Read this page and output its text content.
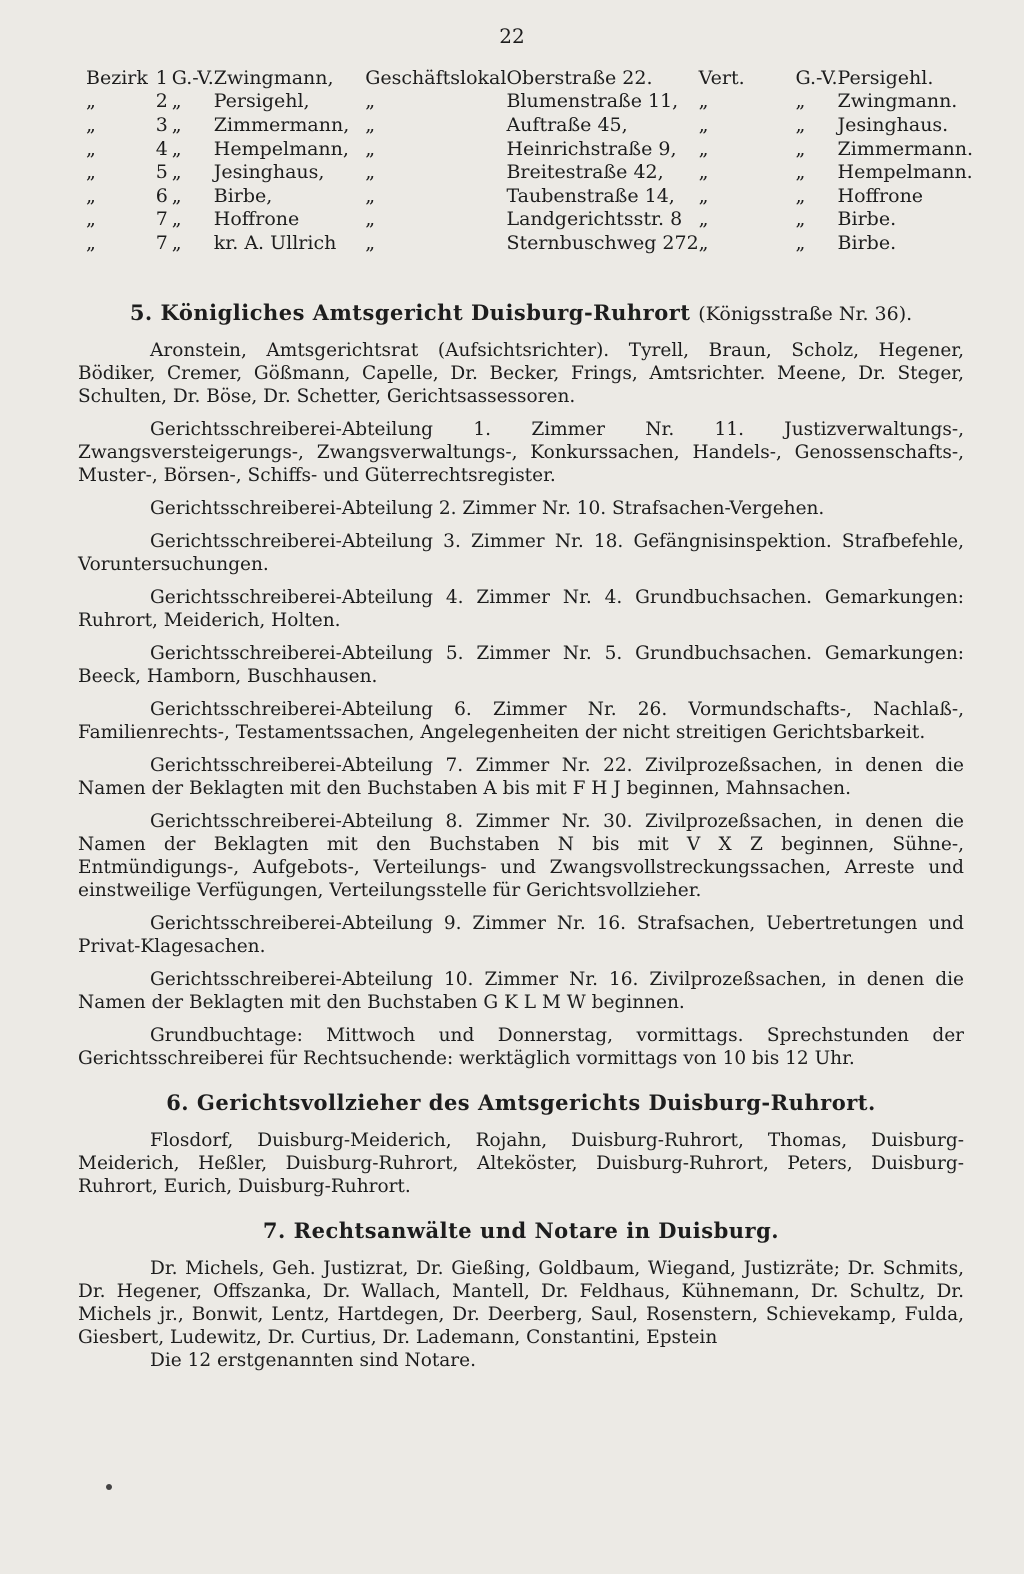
22
Bezirk	1	G.-V.	Zwingmann,	Geschäftslokal	Oberstraße 22.	Vert.	G.-V.	Persigehl.
„	2	„	Persigehl,	„	Blumenstraße 11,	„	„	Zwingmann.
„	3	„	Zimmermann,	„	Auftraße 45,	„	„	Jesinghaus.
„	4	„	Hempelmann,	„	Heinrichstraße 9,	„	„	Zimmermann.
„	5	„	Jesinghaus,	„	Breitestraße 42,	„	„	Hempelmann.
„	6	„	Birbe,	„	Taubenstraße 14,	„	„	Hoffrone
„	7	„	Hoffrone	„	Landgerichtsstr. 8	„	„	Birbe.
„	7	„	kr. A. Ullrich	„	Sternbuschweg 272	„	„	Birbe.
5. Königliches Amtsgericht Duisburg-Ruhrort (Königsstraße Nr. 36).

Aronstein, Amtsgerichtsrat (Aufsichtsrichter). Tyrell, Braun, Scholz, Hegener, Bödiker, Cremer, Gößmann, Capelle, Dr. Becker, Frings, Amtsrichter. Meene, Dr. Steger, Schulten, Dr. Böse, Dr. Schetter, Gerichtsassessoren.

Gerichtsschreiberei-Abteilung 1. Zimmer Nr. 11. Justizverwaltungs-, Zwangsversteigerungs-, Zwangsverwaltungs-, Konkurssachen, Handels-, Genossenschafts-, Muster-, Börsen-, Schiffs- und Güterrechtsregister.

Gerichtsschreiberei-Abteilung 2. Zimmer Nr. 10. Strafsachen-Vergehen.

Gerichtsschreiberei-Abteilung 3. Zimmer Nr. 18. Gefängnisinspektion. Strafbefehle, Voruntersuchungen.

Gerichtsschreiberei-Abteilung 4. Zimmer Nr. 4. Grundbuchsachen. Gemarkungen: Ruhrort, Meiderich, Holten.

Gerichtsschreiberei-Abteilung 5. Zimmer Nr. 5. Grundbuchsachen. Gemarkungen: Beeck, Hamborn, Buschhausen.

Gerichtsschreiberei-Abteilung 6. Zimmer Nr. 26. Vormundschafts-, Nachlaß-, Familienrechts-, Testamentssachen, Angelegenheiten der nicht streitigen Gerichtsbarkeit.

Gerichtsschreiberei-Abteilung 7. Zimmer Nr. 22. Zivilprozeßsachen, in denen die Namen der Beklagten mit den Buchstaben A bis mit F H J beginnen, Mahnsachen.

Gerichtsschreiberei-Abteilung 8. Zimmer Nr. 30. Zivilprozeßsachen, in denen die Namen der Beklagten mit den Buchstaben N bis mit V X Z beginnen, Sühne-, Entmündigungs-, Aufgebots-, Verteilungs- und Zwangsvollstreckungssachen, Arreste und einstweilige Verfügungen, Verteilungsstelle für Gerichtsvollzieher.

Gerichtsschreiberei-Abteilung 9. Zimmer Nr. 16. Strafsachen, Uebertretungen und Privat-Klagesachen.

Gerichtsschreiberei-Abteilung 10. Zimmer Nr. 16. Zivilprozeßsachen, in denen die Namen der Beklagten mit den Buchstaben G K L M W beginnen.

Grundbuchtage: Mittwoch und Donnerstag, vormittags. Sprechstunden der Gerichtsschreiberei für Rechtsuchende: werktäglich vormittags von 10 bis 12 Uhr.

6. Gerichtsvollzieher des Amtsgerichts Duisburg-Ruhrort.

Flosdorf, Duisburg-Meiderich, Rojahn, Duisburg-Ruhrort, Thomas, Duisburg-Meiderich, Heßler, Duisburg-Ruhrort, Alteköster, Duisburg-Ruhrort, Peters, Duisburg-Ruhrort, Eurich, Duisburg-Ruhrort.

7. Rechtsanwälte und Notare in Duisburg.

Dr. Michels, Geh. Justizrat, Dr. Gießing, Goldbaum, Wiegand, Justizräte; Dr. Schmits, Dr. Hegener, Offszanka, Dr. Wallach, Mantell, Dr. Feldhaus, Kühnemann, Dr. Schultz, Dr. Michels jr., Bonwit, Lentz, Hartdegen, Dr. Deerberg, Saul, Rosenstern, Schievekamp, Fulda, Giesbert, Ludewitz, Dr. Curtius, Dr. Lademann, Constantini, Epstein

Die 12 erstgenannten sind Notare.
